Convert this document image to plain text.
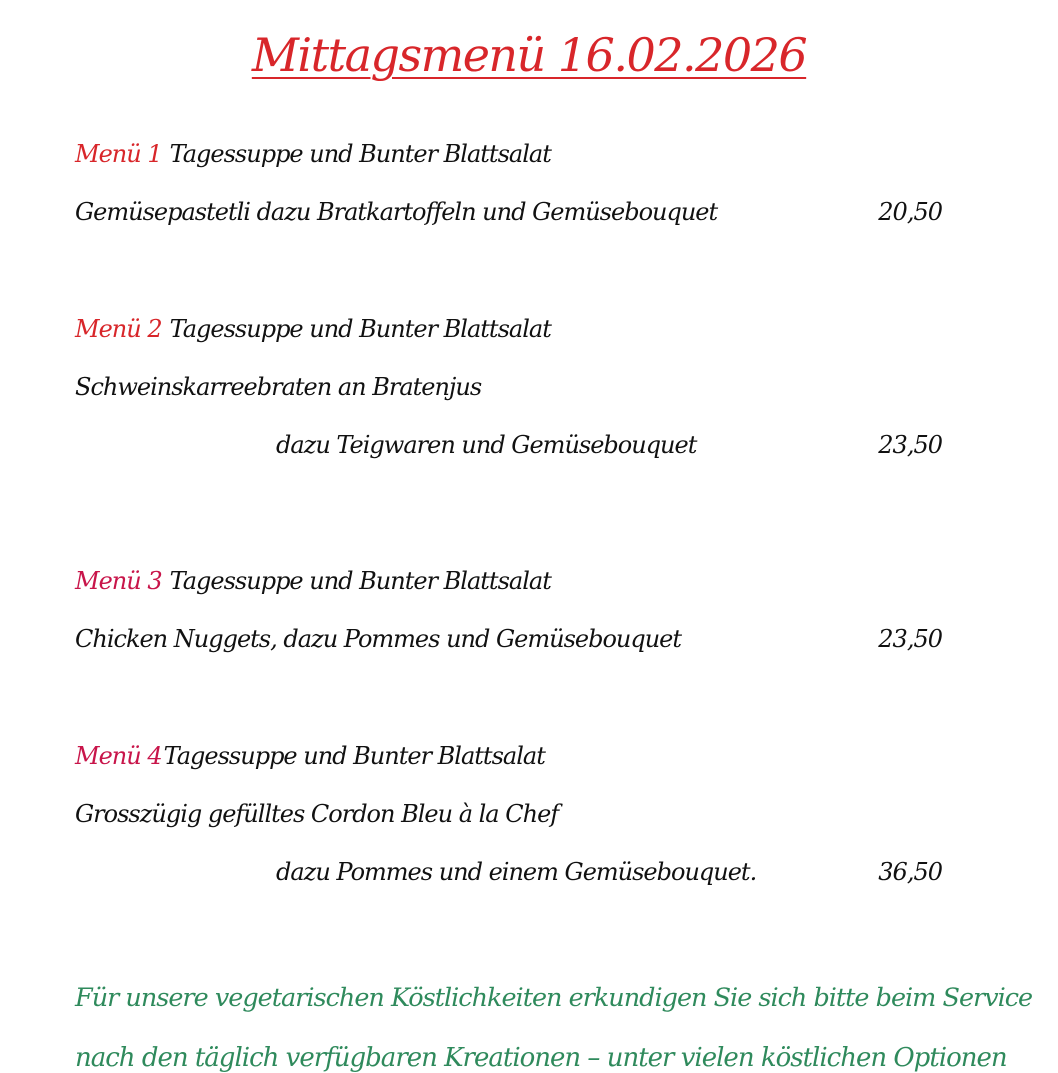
Mittagsmenü 16.02.2026
Menü 1 Tagessuppe und Bunter Blattsalat
Gemüsepastetli dazu Bratkartoffeln und Gemüsebouquet	20,50
Menü 2 Tagessuppe und Bunter Blattsalat
Schweinskarreebraten an Bratenjus
dazu Teigwaren und Gemüsebouquet	23,50
Menü 3 Tagessuppe und Bunter Blattsalat
Chicken Nuggets, dazu Pommes und Gemüsebouquet	23,50
Menü 4Tagessuppe und Bunter Blattsalat
Grosszügig gefülltes Cordon Bleu à la Chef
dazu Pommes und einem Gemüsebouquet.	36,50
Für unsere vegetarischen Köstlichkeiten erkundigen Sie sich bitte beim Service
nach den täglich verfügbaren Kreationen – unter vielen köstlichen Optionen
